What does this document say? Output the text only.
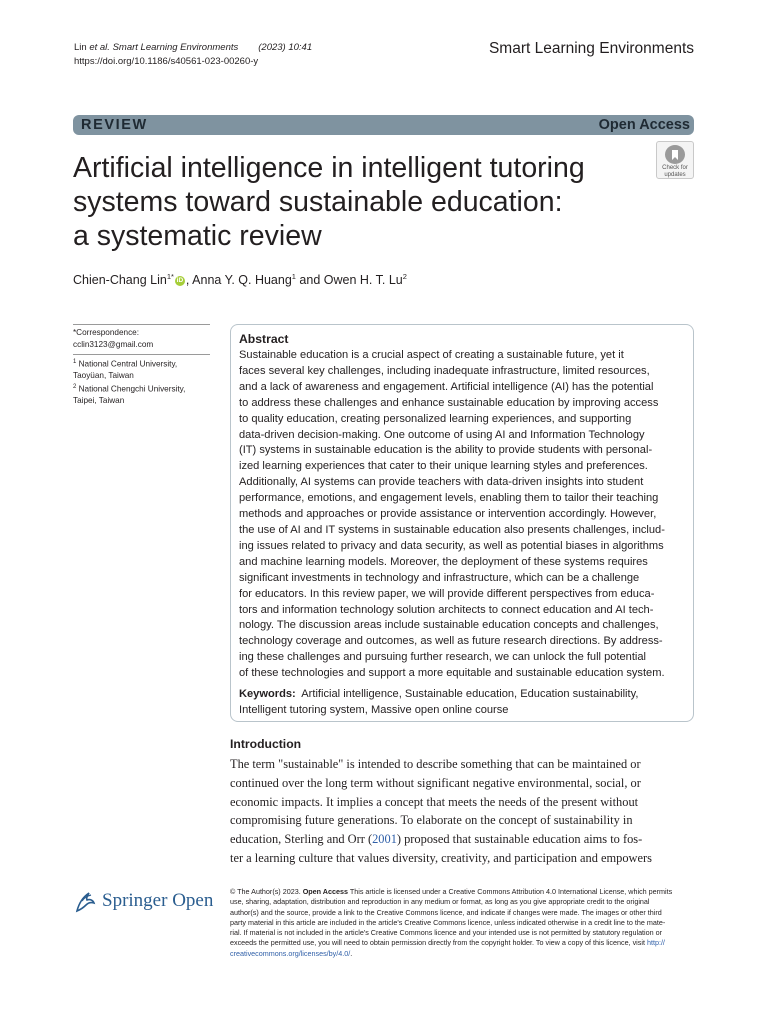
Lin et al. Smart Learning Environments (2023) 10:41
https://doi.org/10.1186/s40561-023-00260-y
Smart Learning Environments
REVIEW	Open Access
Artificial intelligence in intelligent tutoring
systems toward sustainable education:
a systematic review
Check for
updates
Chien-Chang Lin$^{1*}$ iD , Anna Y. Q. Huang$^1$ and Owen H. T. Lu$^2$
*Correspondence:
cclin3123@gmail.com
$^1$ National Central University,
Taoyüan, Taiwan
$^2$ National Chengchi University,
Taipei, Taiwan
Abstract
Sustainable education is a crucial aspect of creating a sustainable future, yet it
faces several key challenges, including inadequate infrastructure, limited resources,
and a lack of awareness and engagement. Artificial intelligence (AI) has the potential
to address these challenges and enhance sustainable education by improving access
to quality education, creating personalized learning experiences, and supporting
data-driven decision-making. One outcome of using AI and Information Technology
(IT) systems in sustainable education is the ability to provide students with personal-
ized learning experiences that cater to their unique learning styles and preferences.
Additionally, AI systems can provide teachers with data-driven insights into student
performance, emotions, and engagement levels, enabling them to tailor their teaching
methods and approaches or provide assistance or intervention accordingly. However,
the use of AI and IT systems in sustainable education also presents challenges, includ-
ing issues related to privacy and data security, as well as potential biases in algorithms
and machine learning models. Moreover, the deployment of these systems requires
significant investments in technology and infrastructure, which can be a challenge
for educators. In this review paper, we will provide different perspectives from educa-
tors and information technology solution architects to connect education and AI tech-
nology. The discussion areas include sustainable education concepts and challenges,
technology coverage and outcomes, as well as future research directions. By address-
ing these challenges and pursuing further research, we can unlock the full potential
of these technologies and support a more equitable and sustainable education system.
Keywords: Artificial intelligence, Sustainable education, Education sustainability,
Intelligent tutoring system, Massive open online course
Introduction
The term "sustainable" is intended to describe something that can be maintained or
continued over the long term without significant negative environmental, social, or
economic impacts. It implies a concept that meets the needs of the present without
compromising future generations. To elaborate on the concept of sustainability in
education, Sterling and Orr (2001) proposed that sustainable education aims to fos-
ter a learning culture that values diversity, creativity, and participation and empowers
Springer Open © The Author(s) 2023. Open Access This article is licensed under a Creative Commons Attribution 4.0 International License, which permits
use, sharing, adaptation, distribution and reproduction in any medium or format, as long as you give appropriate credit to the original
author(s) and the source, provide a link to the Creative Commons licence, and indicate if changes were made. The images or other third
party material in this article are included in the article's Creative Commons licence, unless indicated otherwise in a credit line to the mate-
rial. If material is not included in the article's Creative Commons licence and your intended use is not permitted by statutory regulation or
exceeds the permitted use, you will need to obtain permission directly from the copyright holder. To view a copy of this licence, visit http://
creativecommons.org/licenses/by/4.0/.
